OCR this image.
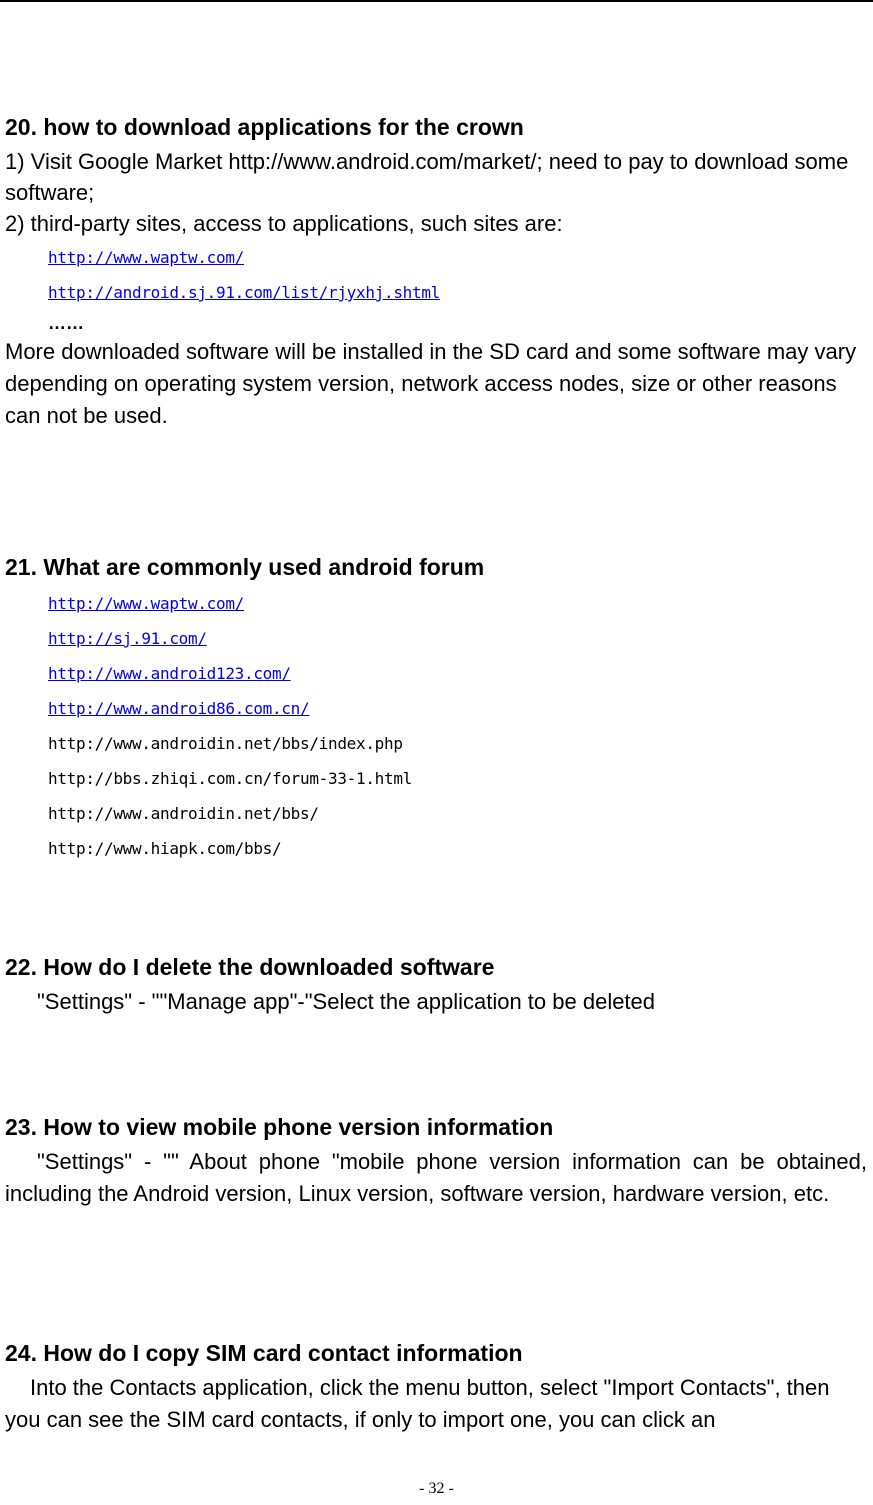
20. how to download applications for the crown

1) Visit Google Market http://www.android.com/market/; need to pay to download some software;

2) third-party sites, access to applications, such sites are:

http://www.waptw.com/
http://android.sj.91.com/list/rjyxhj.shtml
……

More downloaded software will be installed in the SD card and some software may vary depending on operating system version, network access nodes, size or other reasons can not be used.

21. What are commonly used android forum
http://www.waptw.com/
http://sj.91.com/
http://www.android123.com/
http://www.android86.com.cn/
http://www.androidin.net/bbs/index.php
http://bbs.zhiqi.com.cn/forum-33-1.html
http://www.androidin.net/bbs/
http://www.hiapk.com/bbs/
22. How do I delete the downloaded software

"Settings" - ""Manage app"-"Select the application to be deleted

23. How to view mobile phone version information

"Settings" - "" About phone "mobile phone version information can be obtained, including the Android version, Linux version, software version, hardware version, etc.

24. How do I copy SIM card contact information

Into the Contacts application, click the menu button, select "Import Contacts", then you can see the SIM card contacts, if only to import one, you can click an

- 32 -
